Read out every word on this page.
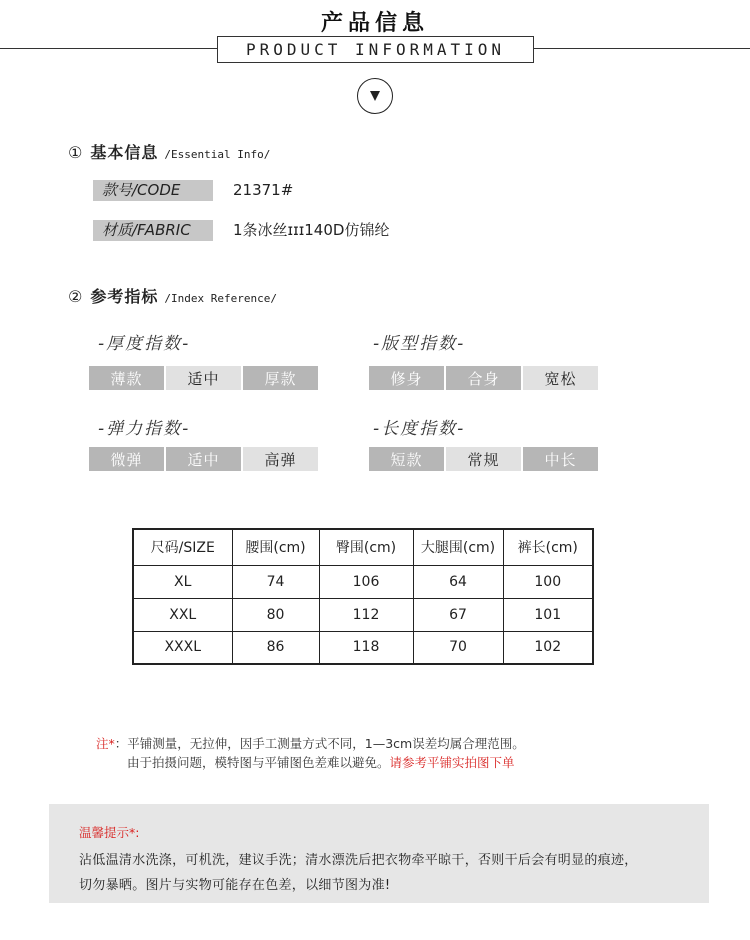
产品信息
PRODUCT INFORMATION
① 基本信息 /Essential Info/
款号/CODE	21371#
材质/FABRIC	1条冰丝ɪɪɪ140D仿锦纶
② 参考指标 /Index Reference/
-厚度指数-
薄款	适中	厚款
-版型指数-
修身	合身	宽松
-弹力指数-
微弹	适中	高弹
-长度指数-
短款	常规	中长
尺码/SIZE	腰围(cm)	臀围(cm)	大腿围(cm)	裤长(cm)
XL	74	106	64	100
XXL	80	112	67	101
XXXL	86	118	70	102
注*：平铺测量，无拉伸，因手工测量方式不同，1—3cm误差均属合理范围。
由于拍摄问题，模特图与平铺图色差难以避免。请参考平铺实拍图下单
温馨提示*:
沾低温清水洗涤，可机洗，建议手洗；清水漂洗后把衣物牵平晾干，否则干后会有明显的痕迹，
切勿暴晒。图片与实物可能存在色差，以细节图为准!
